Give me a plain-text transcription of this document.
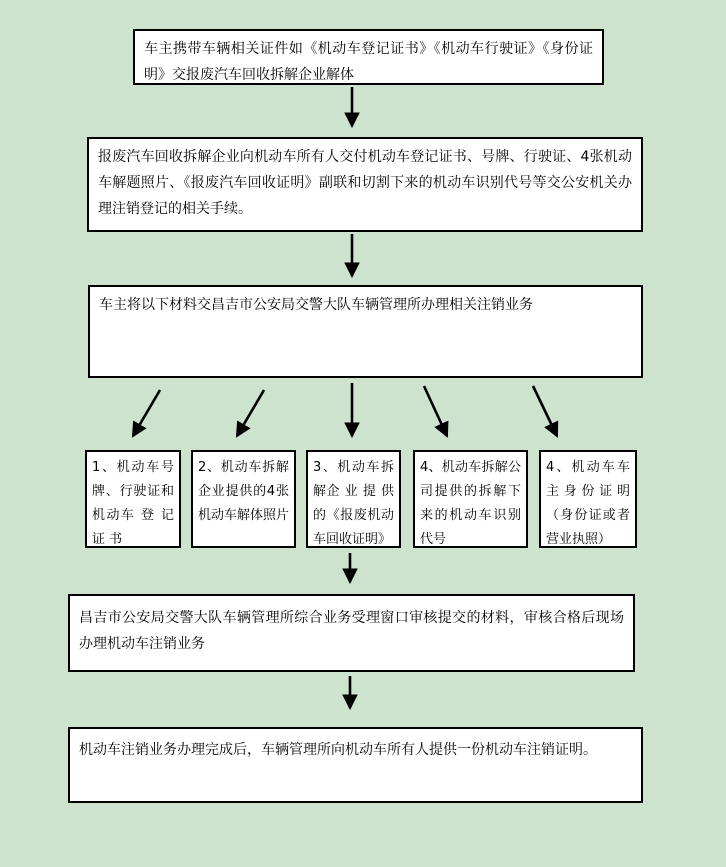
车主携带车辆相关证件如《机动车登记证书》《机动车行驶证》《身份证明》交报废汽车回收拆解企业解体
报废汽车回收拆解企业向机动车所有人交付机动车登记证书、号牌、行驶证、4张机动车解题照片、《报废汽车回收证明》副联和切割下来的机动车识别代号等交公安机关办理注销登记的相关手续。
车主将以下材料交昌吉市公安局交警大队车辆管理所办理相关注销业务
1、机动车号牌、行驶证和机动车 登 记 证 书
2、机动车拆解企业提供的4张机动车解体照片
3、机动车拆解企 业 提 供 的《报废机动车回收证明》
4、机动车拆解公司提供的拆解下来的机动车识别代号
4、机动车车主身份证明（身份证或者营业执照）
昌吉市公安局交警大队车辆管理所综合业务受理窗口审核提交的材料，审核合格后现场办理机动车注销业务
机动车注销业务办理完成后，车辆管理所向机动车所有人提供一份机动车注销证明。
